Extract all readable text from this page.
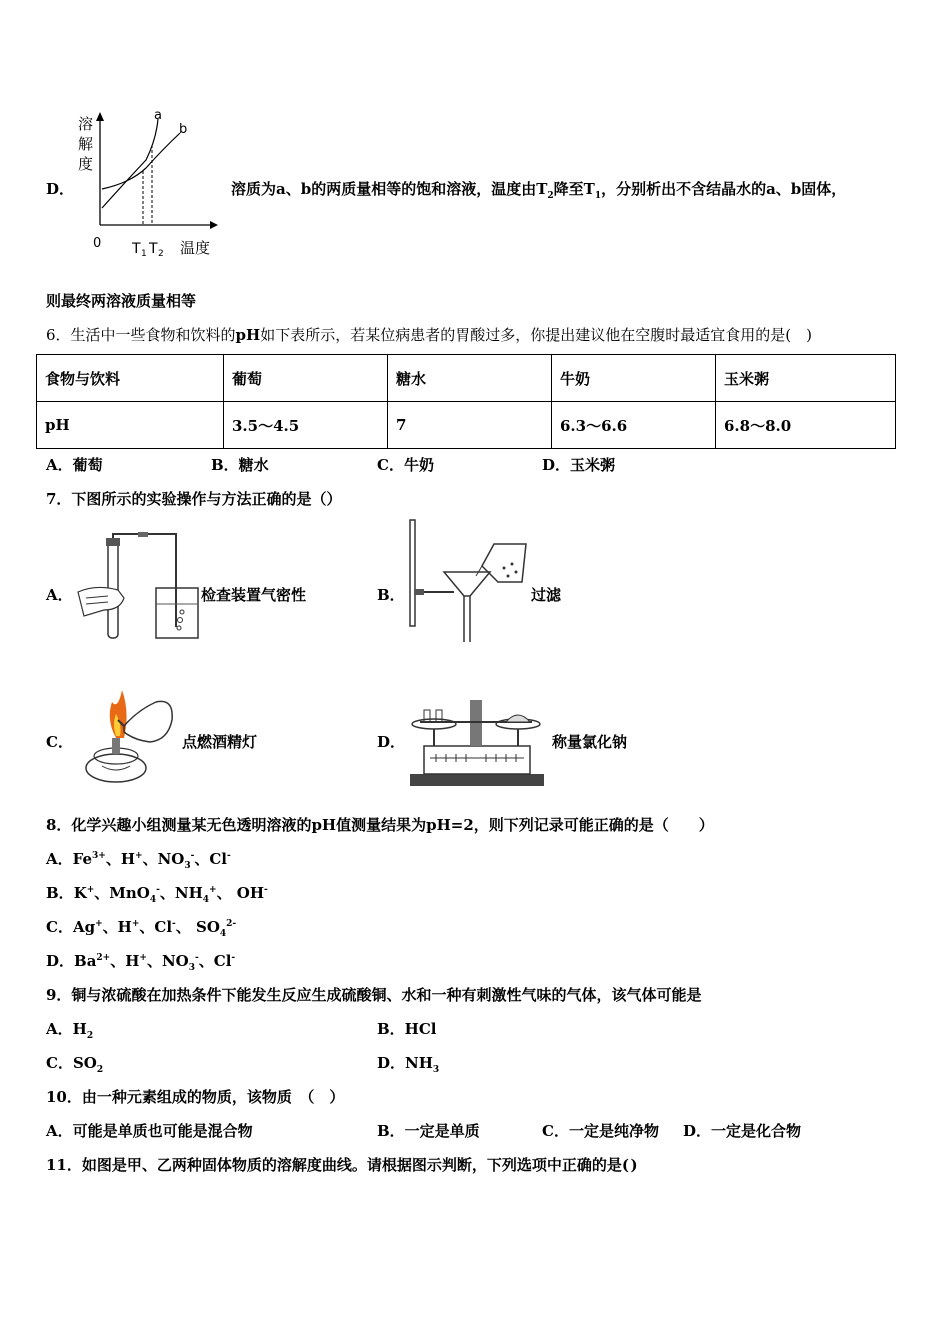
D．
溶
解
度
a
b
0 T 1 T 2 温度
溶质为a、b的两质量相等的饱和溶液，温度由$T_2$降至$T_1$，分别析出不含结晶水的a、b固体，
则最终两溶液质量相等
6．生活中一些食物和饮料的pH如下表所示，若某位病患者的胃酸过多，你提出建议他在空腹时最适宜食用的是(　)
食物与饮料	葡萄	糖水	牛奶	玉米粥
pH	3.5～4.5	7	6.3～6.6	6.8～8.0
A．葡萄	B．糖水	C．牛奶	D．玉米粥
7．下图所示的实验操作与方法正确的是（）
A．	检查装置气密性	B．	过滤
C．	点燃酒精灯	D．	称量氯化钠
8．化学兴趣小组测量某无色透明溶液的pH值测量结果为pH=2，则下列记录可能正确的是（　　）
A．$Fe^{3+}$、H+、$NO_3^-$、Cl-
B．K+、MnO$_4$-、$NH_4^+$、 OH-
C．Ag+、H+、Cl-、 $SO_4^{2-}$
D．$Ba^{2+}$、H+、$NO_3^-$、Cl-
9．铜与浓硫酸在加热条件下能发生反应生成硫酸铜、水和一种有刺激性气味的气体，该气体可能是
A．$H_2$	B．HCl
C．$SO_2$	D．$NH_3$
10．由一种元素组成的物质，该物质　（　）
A．可能是单质也可能是混合物	B．一定是单质	C．一定是纯净物 D．一定是化合物
11．如图是甲、乙两种固体物质的溶解度曲线。请根据图示判断，下列选项中正确的是( )
